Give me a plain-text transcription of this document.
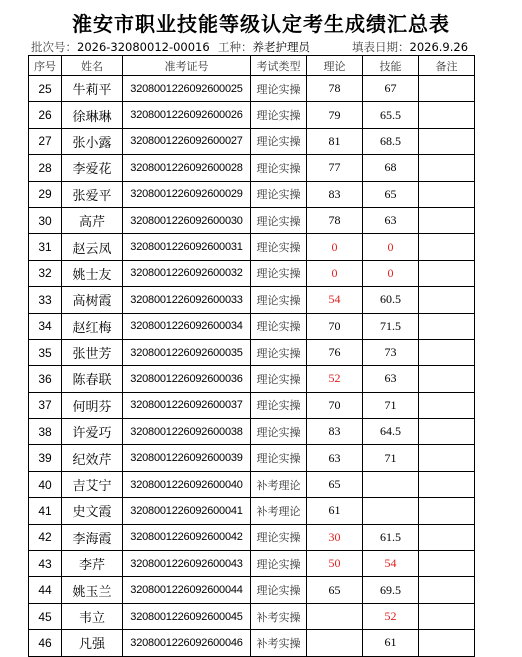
淮安市职业技能等级认定考生成绩汇总表
批次号：2026-32080012-00016 工种：养老护理员	填表日期：2026.9.26
序号	姓名	准考证号	考试类型	理论	技能	备注
25	牛莉平	3208001226092600025	理论实操	78	67	
26	徐琳琳	3208001226092600026	理论实操	79	65.5	
27	张小露	3208001226092600027	理论实操	81	68.5	
28	李爱花	3208001226092600028	理论实操	77	68	
29	张爱平	3208001226092600029	理论实操	83	65	
30	高芹	3208001226092600030	理论实操	78	63	
31	赵云凤	3208001226092600031	理论实操	0	0	
32	姚士友	3208001226092600032	理论实操	0	0	
33	高树霞	3208001226092600033	理论实操	54	60.5	
34	赵红梅	3208001226092600034	理论实操	70	71.5	
35	张世芳	3208001226092600035	理论实操	76	73	
36	陈春联	3208001226092600036	理论实操	52	63	
37	何明芬	3208001226092600037	理论实操	70	71	
38	许爱巧	3208001226092600038	理论实操	83	64.5	
39	纪效芹	3208001226092600039	理论实操	63	71	
40	吉艾宁	3208001226092600040	补考理论	65		
41	史文霞	3208001226092600041	补考理论	61		
42	李海霞	3208001226092600042	理论实操	30	61.5	
43	李芹	3208001226092600043	理论实操	50	54	
44	姚玉兰	3208001226092600044	理论实操	65	69.5	
45	韦立	3208001226092600045	补考实操		52	
46	凡强	3208001226092600046	补考实操		61	
